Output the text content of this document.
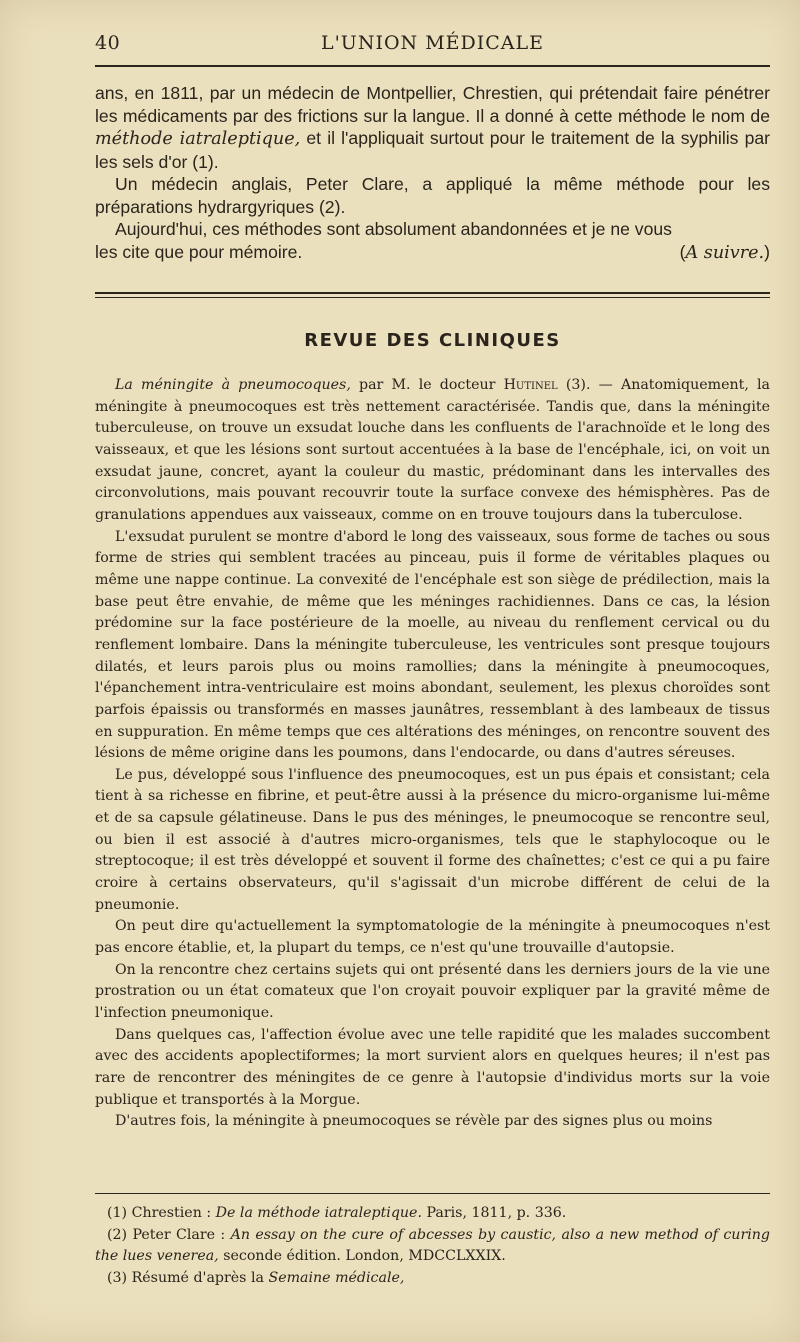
40	L'UNION MÉDICALE

ans, en 1811, par un médecin de Montpellier, Chrestien, qui prétendait faire pénétrer les médicaments par des frictions sur la langue. Il a donné à cette méthode le nom de méthode iatraleptique, et il l'appliquait surtout pour le traitement de la syphilis par les sels d'or (1).

Un médecin anglais, Peter Clare, a appliqué la même méthode pour les préparations hydrargyriques (2).

Aujourd'hui, ces méthodes sont absolument abandonnées et je ne vous

les cite que pour mémoire.	(A suivre.)
REVUE DES CLINIQUES

La méningite à pneumocoques, par M. le docteur Hutinel (3). — Anatomiquement, la méningite à pneumocoques est très nettement caractérisée. Tandis que, dans la méningite tuberculeuse, on trouve un exsudat louche dans les confluents de l'arachnoïde et le long des vaisseaux, et que les lésions sont surtout accentuées à la base de l'encéphale, ici, on voit un exsudat jaune, concret, ayant la couleur du mastic, prédominant dans les intervalles des circonvolutions, mais pouvant recouvrir toute la surface convexe des hémisphères. Pas de granulations appendues aux vaisseaux, comme on en trouve toujours dans la tuberculose.

L'exsudat purulent se montre d'abord le long des vaisseaux, sous forme de taches ou sous forme de stries qui semblent tracées au pinceau, puis il forme de véritables plaques ou même une nappe continue. La convexité de l'encéphale est son siège de prédilection, mais la base peut être envahie, de même que les méninges rachidiennes. Dans ce cas, la lésion prédomine sur la face postérieure de la moelle, au niveau du renflement cervical ou du renflement lombaire. Dans la méningite tuberculeuse, les ventricules sont presque toujours dilatés, et leurs parois plus ou moins ramollies; dans la méningite à pneumocoques, l'épanchement intra-ventriculaire est moins abondant, seulement, les plexus choroïdes sont parfois épaissis ou transformés en masses jaunâtres, ressemblant à des lambeaux de tissus en suppuration. En même temps que ces altérations des méninges, on rencontre souvent des lésions de même origine dans les poumons, dans l'endocarde, ou dans d'autres séreuses.

Le pus, développé sous l'influence des pneumocoques, est un pus épais et consistant; cela tient à sa richesse en fibrine, et peut-être aussi à la présence du micro-organisme lui-même et de sa capsule gélatineuse. Dans le pus des méninges, le pneumocoque se rencontre seul, ou bien il est associé à d'autres micro-organismes, tels que le staphylocoque ou le streptocoque; il est très développé et souvent il forme des chaînettes; c'est ce qui a pu faire croire à certains observateurs, qu'il s'agissait d'un microbe différent de celui de la pneumonie.

On peut dire qu'actuellement la symptomatologie de la méningite à pneumocoques n'est pas encore établie, et, la plupart du temps, ce n'est qu'une trouvaille d'autopsie.

On la rencontre chez certains sujets qui ont présenté dans les derniers jours de la vie une prostration ou un état comateux que l'on croyait pouvoir expliquer par la gravité même de l'infection pneumonique.

Dans quelques cas, l'affection évolue avec une telle rapidité que les malades succombent avec des accidents apoplectiformes; la mort survient alors en quelques heures; il n'est pas rare de rencontrer des méningites de ce genre à l'autopsie d'individus morts sur la voie publique et transportés à la Morgue.

D'autres fois, la méningite à pneumocoques se révèle par des signes plus ou moins

(1) Chrestien : De la méthode iatraleptique. Paris, 1811, p. 336.

(2) Peter Clare : An essay on the cure of abcesses by caustic, also a new method of curing the lues venerea, seconde édition. London, MDCCLXXIX.

(3) Résumé d'après la Semaine médicale,
